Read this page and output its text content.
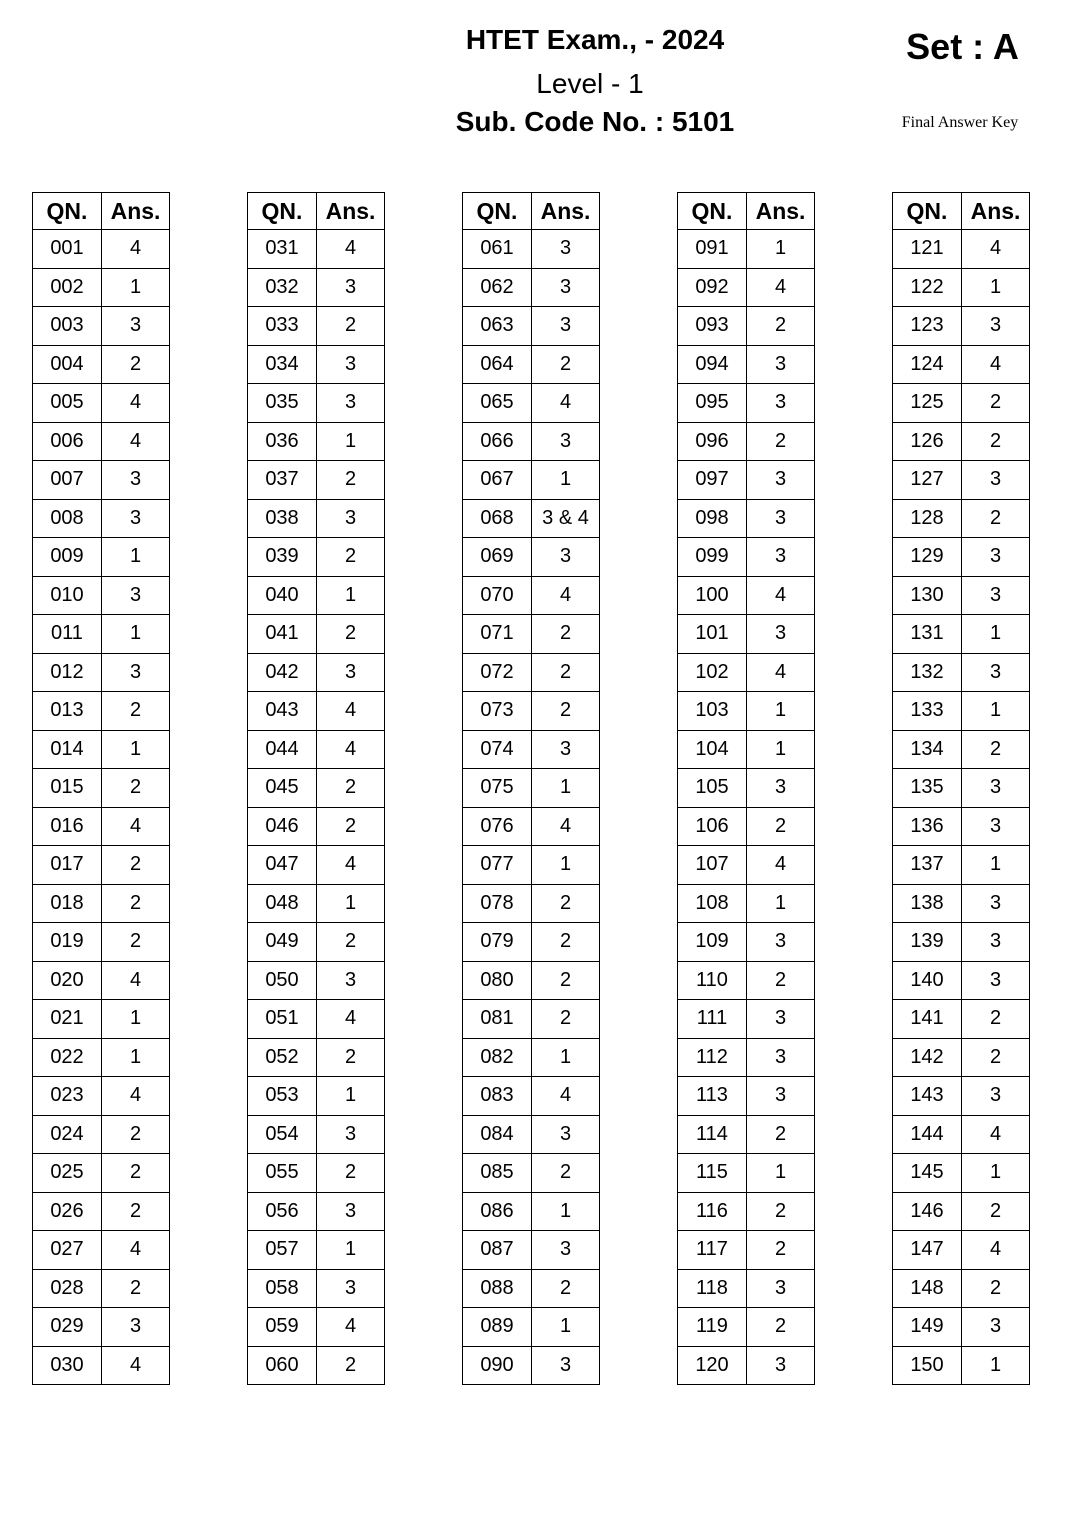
HTET Exam., - 2024
Level - 1
Sub. Code No. : 5101
Set : A
Final Answer Key
QN.	Ans.
001	4
002	1
003	3
004	2
005	4
006	4
007	3
008	3
009	1
010	3
011	1
012	3
013	2
014	1
015	2
016	4
017	2
018	2
019	2
020	4
021	1
022	1
023	4
024	2
025	2
026	2
027	4
028	2
029	3
030	4
QN.	Ans.
031	4
032	3
033	2
034	3
035	3
036	1
037	2
038	3
039	2
040	1
041	2
042	3
043	4
044	4
045	2
046	2
047	4
048	1
049	2
050	3
051	4
052	2
053	1
054	3
055	2
056	3
057	1
058	3
059	4
060	2
QN.	Ans.
061	3
062	3
063	3
064	2
065	4
066	3
067	1
068	3 & 4
069	3
070	4
071	2
072	2
073	2
074	3
075	1
076	4
077	1
078	2
079	2
080	2
081	2
082	1
083	4
084	3
085	2
086	1
087	3
088	2
089	1
090	3
QN.	Ans.
091	1
092	4
093	2
094	3
095	3
096	2
097	3
098	3
099	3
100	4
101	3
102	4
103	1
104	1
105	3
106	2
107	4
108	1
109	3
110	2
111	3
112	3
113	3
114	2
115	1
116	2
117	2
118	3
119	2
120	3
QN.	Ans.
121	4
122	1
123	3
124	4
125	2
126	2
127	3
128	2
129	3
130	3
131	1
132	3
133	1
134	2
135	3
136	3
137	1
138	3
139	3
140	3
141	2
142	2
143	3
144	4
145	1
146	2
147	4
148	2
149	3
150	1
